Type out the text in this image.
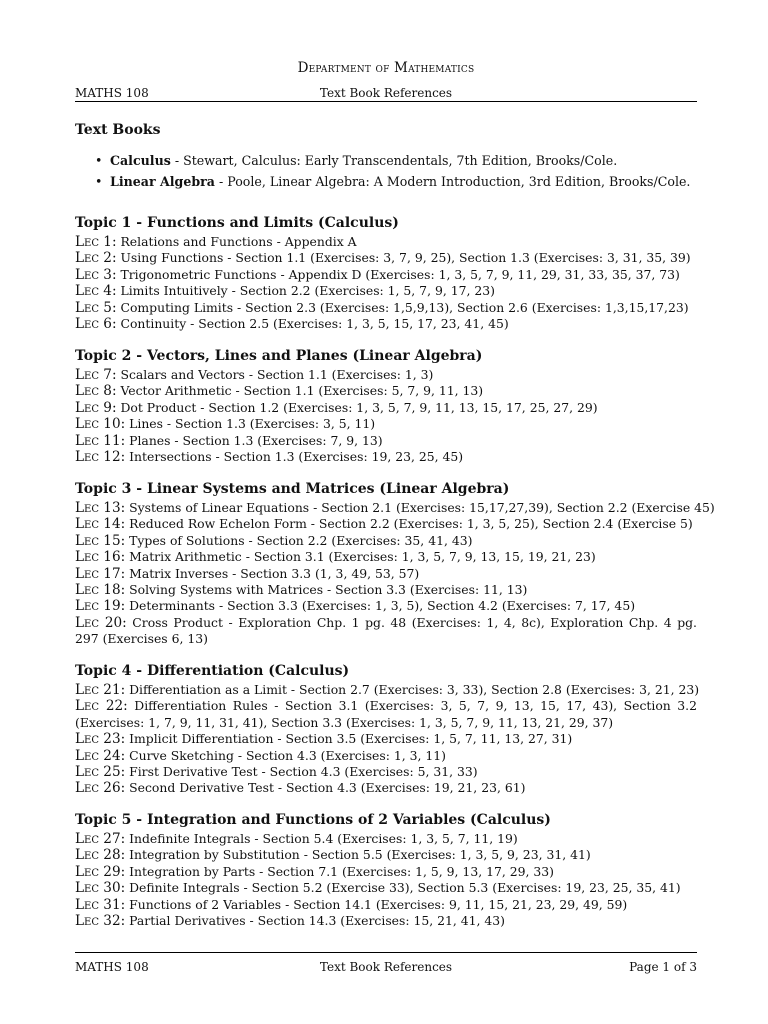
Department of Mathematics
MATHS 108	Text Book References
Text Books
• Calculus - Stewart, Calculus: Early Transcendentals, 7th Edition, Brooks/Cole.
• Linear Algebra - Poole, Linear Algebra: A Modern Introduction, 3rd Edition, Brooks/Cole.
Topic 1 - Functions and Limits (Calculus)

Lec 1: Relations and Functions - Appendix A

Lec 2: Using Functions - Section 1.1 (Exercises: 3, 7, 9, 25), Section 1.3 (Exercises: 3, 31, 35, 39)

Lec 3: Trigonometric Functions - Appendix D (Exercises: 1, 3, 5, 7, 9, 11, 29, 31, 33, 35, 37, 73)

Lec 4: Limits Intuitively - Section 2.2 (Exercises: 1, 5, 7, 9, 17, 23)

Lec 5: Computing Limits - Section 2.3 (Exercises: 1,5,9,13), Section 2.6 (Exercises: 1,3,15,17,23)

Lec 6: Continuity - Section 2.5 (Exercises: 1, 3, 5, 15, 17, 23, 41, 45)

Topic 2 - Vectors, Lines and Planes (Linear Algebra)

Lec 7: Scalars and Vectors - Section 1.1 (Exercises: 1, 3)

Lec 8: Vector Arithmetic - Section 1.1 (Exercises: 5, 7, 9, 11, 13)

Lec 9: Dot Product - Section 1.2 (Exercises: 1, 3, 5, 7, 9, 11, 13, 15, 17, 25, 27, 29)

Lec 10: Lines - Section 1.3 (Exercises: 3, 5, 11)

Lec 11: Planes - Section 1.3 (Exercises: 7, 9, 13)

Lec 12: Intersections - Section 1.3 (Exercises: 19, 23, 25, 45)

Topic 3 - Linear Systems and Matrices (Linear Algebra)

Lec 13: Systems of Linear Equations - Section 2.1 (Exercises: 15,17,27,39), Section 2.2 (Exercise 45)

Lec 14: Reduced Row Echelon Form - Section 2.2 (Exercises: 1, 3, 5, 25), Section 2.4 (Exercise 5)

Lec 15: Types of Solutions - Section 2.2 (Exercises: 35, 41, 43)

Lec 16: Matrix Arithmetic - Section 3.1 (Exercises: 1, 3, 5, 7, 9, 13, 15, 19, 21, 23)

Lec 17: Matrix Inverses - Section 3.3 (1, 3, 49, 53, 57)

Lec 18: Solving Systems with Matrices - Section 3.3 (Exercises: 11, 13)

Lec 19: Determinants - Section 3.3 (Exercises: 1, 3, 5), Section 4.2 (Exercises: 7, 17, 45)

Lec 20: Cross Product - Exploration Chp. 1 pg. 48 (Exercises: 1, 4, 8c), Exploration Chp. 4 pg. 297 (Exercises 6, 13)

Topic 4 - Differentiation (Calculus)

Lec 21: Differentiation as a Limit - Section 2.7 (Exercises: 3, 33), Section 2.8 (Exercises: 3, 21, 23)

Lec 22: Differentiation Rules - Section 3.1 (Exercises: 3, 5, 7, 9, 13, 15, 17, 43), Section 3.2 (Exercises: 1, 7, 9, 11, 31, 41), Section 3.3 (Exercises: 1, 3, 5, 7, 9, 11, 13, 21, 29, 37)

Lec 23: Implicit Differentiation - Section 3.5 (Exercises: 1, 5, 7, 11, 13, 27, 31)

Lec 24: Curve Sketching - Section 4.3 (Exercises: 1, 3, 11)

Lec 25: First Derivative Test - Section 4.3 (Exercises: 5, 31, 33)

Lec 26: Second Derivative Test - Section 4.3 (Exercises: 19, 21, 23, 61)

Topic 5 - Integration and Functions of 2 Variables (Calculus)

Lec 27: Indefinite Integrals - Section 5.4 (Exercises: 1, 3, 5, 7, 11, 19)

Lec 28: Integration by Substitution - Section 5.5 (Exercises: 1, 3, 5, 9, 23, 31, 41)

Lec 29: Integration by Parts - Section 7.1 (Exercises: 1, 5, 9, 13, 17, 29, 33)

Lec 30: Definite Integrals - Section 5.2 (Exercise 33), Section 5.3 (Exercises: 19, 23, 25, 35, 41)

Lec 31: Functions of 2 Variables - Section 14.1 (Exercises: 9, 11, 15, 21, 23, 29, 49, 59)

Lec 32: Partial Derivatives - Section 14.3 (Exercises: 15, 21, 41, 43)

MATHS 108	Text Book References	Page 1 of 3
